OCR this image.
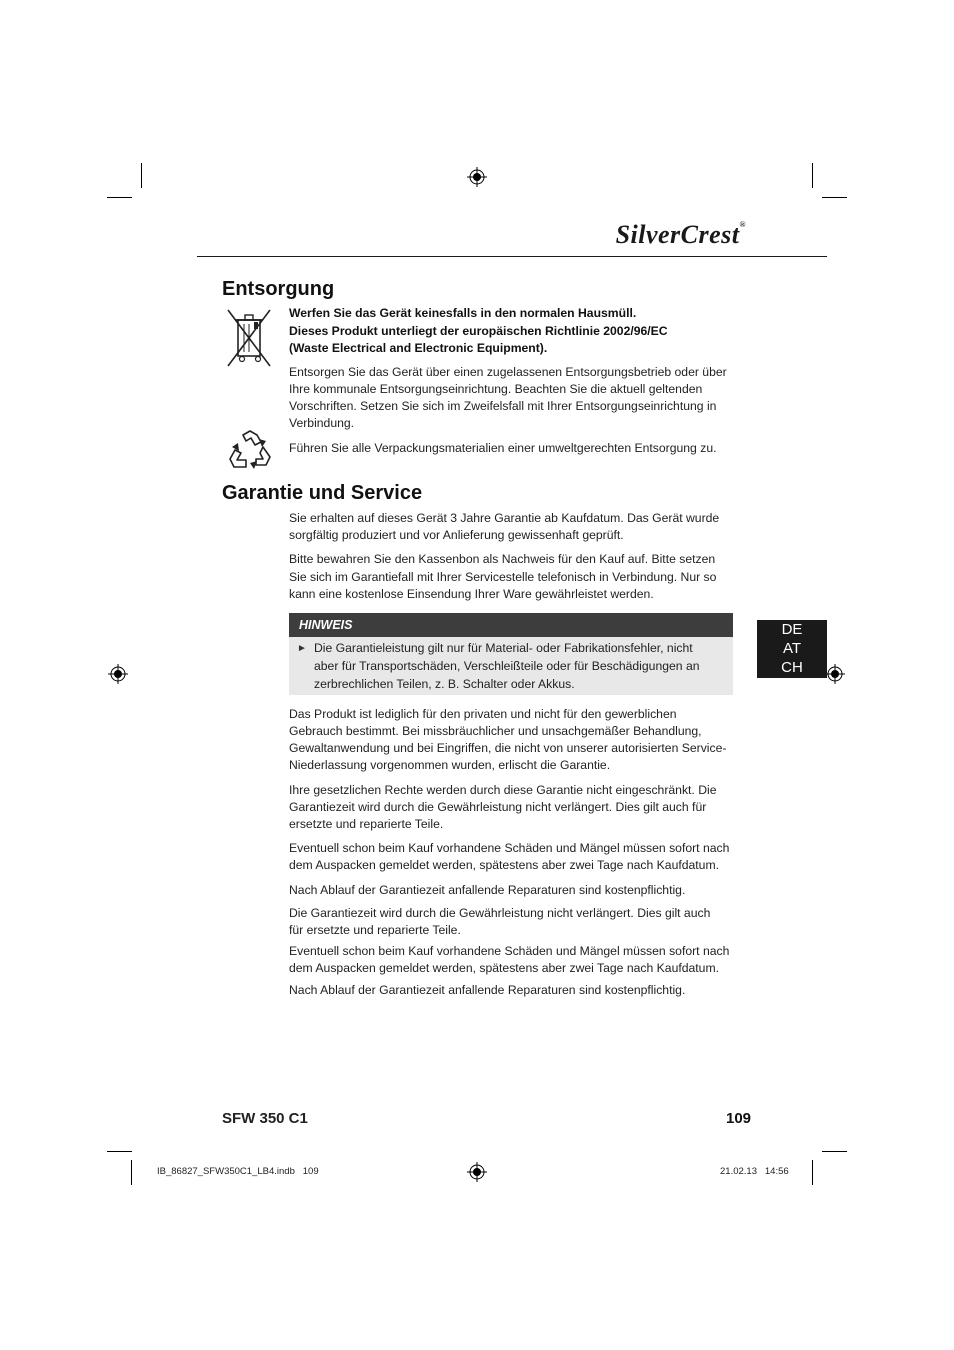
SilverCrest®
Entsorgung
Werfen Sie das Gerät keinesfalls in den normalen Hausmüll.
Dieses Produkt unterliegt der europäischen Richtlinie 2002/96/EC
(Waste Electrical and Electronic Equipment).
Entsorgen Sie das Gerät über einen zugelassenen Entsorgungsbetrieb oder über
Ihre kommunale Entsorgungseinrichtung. Beachten Sie die aktuell geltenden
Vorschriften. Setzen Sie sich im Zweifelsfall mit Ihrer Entsorgungseinrichtung in
Verbindung.
Führen Sie alle Verpackungsmaterialien einer umweltgerechten Entsorgung zu.
Garantie und Service
Sie erhalten auf dieses Gerät 3 Jahre Garantie ab Kaufdatum. Das Gerät wurde
sorgfältig produziert und vor Anlieferung gewissenhaft geprüft.
Bitte bewahren Sie den Kassenbon als Nachweis für den Kauf auf. Bitte setzen
Sie sich im Garantiefall mit Ihrer Servicestelle telefonisch in Verbindung. Nur so
kann eine kostenlose Einsendung Ihrer Ware gewährleistet werden.
HINWEIS
► Die Garantieleistung gilt nur für Material- oder Fabrikationsfehler, nicht
aber für Transportschäden, Verschleißteile oder für Beschädigungen an
zerbrechlichen Teilen, z. B. Schalter oder Akkus.
DE
AT
CH
Das Produkt ist lediglich für den privaten und nicht für den gewerblichen
Gebrauch bestimmt. Bei missbräuchlicher und unsachgemäßer Behandlung,
Gewaltanwendung und bei Eingriffen, die nicht von unserer autorisierten Service-
Niederlassung vorgenommen wurden, erlischt die Garantie.
Ihre gesetzlichen Rechte werden durch diese Garantie nicht eingeschränkt. Die
Garantiezeit wird durch die Gewährleistung nicht verlängert. Dies gilt auch für
ersetzte und reparierte Teile.
Eventuell schon beim Kauf vorhandene Schäden und Mängel müssen sofort nach
dem Auspacken gemeldet werden, spätestens aber zwei Tage nach Kaufdatum.
Nach Ablauf der Garantiezeit anfallende Reparaturen sind kostenpflichtig.
Die Garantiezeit wird durch die Gewährleistung nicht verlängert. Dies gilt auch
für ersetzte und reparierte Teile.
Eventuell schon beim Kauf vorhandene Schäden und Mängel müssen sofort nach
dem Auspacken gemeldet werden, spätestens aber zwei Tage nach Kaufdatum.
Nach Ablauf der Garantiezeit anfallende Reparaturen sind kostenpflichtig.
SFW 350 C1	109
IB_86827_SFW350C1_LB4.indb   109	21.02.13   14:56
